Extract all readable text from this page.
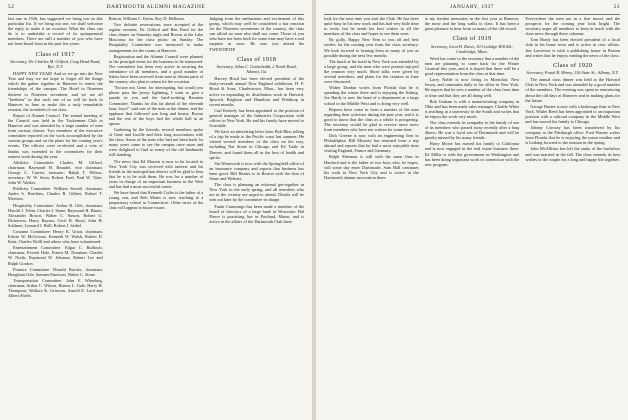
52	DARTMOUTH ALUMNI MAGAZINE

last one in 1926, has suggested we bring out on this particular list. If we bring out one, we shall welcome the reply, to make it an occasion. What the class can do is to undertake a record of its quinquennial members. There are still a number of you who have not been heard from in the past few years.

Class of 1917
Secretary, Dr. Charles M. Gilford, Crag Head Road, Rye, N.Y.

HAPPY NEW YEAR! And so we go into the New Year and may we not hope to forget all the things which the gather together in Hanover to renew the friendships of the campus. The Hotel in Nineteen thirteen to Nineteen seventeen, and we are all "brethren" in that each one of us will be back in Hanover in June to make this a truly remarkable reunion, the twentieth of our class.

Report of Alumni Council. The annual meeting of the Council was held in the Tuckerman Club in Hanover and was attended by a large number of men from various classes. Two members of the executive committee reported on the work accomplished by the various groups and on the plans for the coming year's events. The officers were re-elected and a vote of thanks was extended to the committees for their earnest work during the year.

Athletics Committee: Charles M. Gilford, chairman; Raymond H. Beaudet, vice chairman; George C. Carrier, treasurer; Ralph T. Wilson, secretary; W. W. Stein, Robert Ford, Paul W. Tyler, John W. Walker.

Publicity Committee: William Sewall, chairman; Andre S. Hutchins, Charles B. Gilbert, Robert T. Morison.

Hospitality Committee: Arthur B. Gile, chairman; Harold J. Tobin, Charles I. Stone, Raymond H. Baster, Alexander Brown, Walter C. Simon, Robert G. Dickerson, Harry Raynor, Cecil B. Boyd, John H. Sohlmer, Leonard J. Brill, Robert J. Seibel.

Costume Committee: Henry K. Urion, chairman; Edwin W. McGowan, Kenneth W. Walsh, Robert D. Kent, Charles Wolff and others who have volunteered.

Entertainment Committee: Edgar C. Bulfinch, chairman; Everett Hale, Ernest M. Donahue, Charles W. North, Raymond W. Johnson, Robert Lee and Ralph Gordon.

Finance Committee: Donald Brooks, chairman; Houghton Gile, Sumner Emerson, Walter C. Stone.

Transportation Committee: John F. Wheeling, chairman; Arthur C. Wilson, Burton L. Gale, Harry H. Thompson, Wallace K. Grierson, Arnold E. Lord and Albert Shiels.

Britton, William C. Eaton, Roy D. Halloran.

Two definite reservations were accepted at the regular reunion; Dr. Gilford and Ben Pond for the class dinner on Saturday night and Brown at the Lake Mascoma for the class picnic on Sunday. The Hospitality Committee was instructed to make arrangements for the rooms at Hanover.

Registration and the Alumni Council were planned as the principal items for the business to be transacted. The committee has been very active in securing the attendance of all members, and a good number of letters have been received from men in distant parts of the country who plan to return for the occasion.

"Excuse me, Gene, for interrupting, but would you please pass the jersey lightning, I want to give a parade in you and the hard-working Reunion Committee. Thanks for this far ahead of the eleventh hour, boys!" said one of the men at the dinner, and the applause that followed was long and hearty. Brown and the rest of the boys had the whole hall in an uproar.

Gathering by the fireside, several members spoke of Gene and Lucille and their long associations with the class. Some of the men who had not been back for many years came to see the campus once more and were delighted to find so many of the old landmarks still standing.

The news that Ed Marson is now to be located in New York City was received with interest and his friends in the metropolitan district will be glad to hear that he is to be with them. He was for a number of years in charge of an important business in the West and has had a most successful career.

We have heard that Kenneth Cutler is the father of a young son, and Bob Mains is now teaching at a preparatory school in Connecticut. Other news of the class will appear in future issues.

Judging from the enthusiasm and excitement of this group, which may well be considered a fair reaction for the Nineteen seventeens of the country, the class can afford no man who shall not come. Those of you who have not been back for some time may have a real surprise in store. Be sure you attend the TWENTIETH!

Class of 1918
Secretary, Allan C. Gottschaldt, 2 North Road, Atlanta, Ga.

Harvey Hood has been elected president of the thirty-seventh annual New England exhibition. H. P. Hood & Sons, Charlestown, Mass., has been very active in expanding its distribution work in Harvard, Ipswich, Brighton and Hamilton and Winthrop in recent months.

Carl Ketterly has been appointed to the position of general manager of the Industries Corporation with offices in New York. He and his family have moved to Scarsdale.

We have an interesting letter from Bob Bliss telling of a trip he made to the Pacific coast last summer. He visited several members of the class on the way, including Nat Stone in Chicago and Ed Tuttle in Denver, and found them all in the best of health and spirits.

Stu Wentworth is now with the Springfield office of an insurance company and reports that business has been good. Bill Haines is in Boston with the firm of Stone and Webster.

The class is planning an informal get-together in New York in the early spring, and all members who are in the vicinity are urged to attend. Details will be sent out later by the committee in charge.

Frank Cummings has been made a member of the board of directors of a large bank in Worcester. Hal Pierce is practising law in Portland, Maine, and is active in the affairs of the Dartmouth Club there.

JANUARY, 1937	53

look for the next time you visit the Club. He has been quite busy in his new work and has had very little time to write, but he sends his best wishes to all the members of the class and hopes to see them soon.

By golly, Happy New Year to you all and best wishes for the coming year from the class secretary. We look forward to hearing from as many of you as possible during the next few months.

The lunch at the hotel in New York was attended by a large group, and the men who were present enjoyed the reunion very much. Short talks were given by several members, and plans for the reunion in June were discussed.

Walter Dunbar writes from Florida that he is spending the winter there and is enjoying the fishing. Joe Hardy is now the head of a department at a large school in the Middle West and is doing very well.

Reports have come in from a number of the men regarding their activities during the past year, and it is good to know that the class as a whole is prospering. The secretary would be glad to receive more news from members who have not written for some time.

Dick Greene is now with an engineering firm in Philadelphia. Bill Mooney has returned from a trip abroad and reports that he had a most enjoyable time visiting England, France and Germany.

Ralph Sherman is still with the same firm in Hartford and is the father of two boys who, he hopes, will some day enter Dartmouth. Sam Hall continues his work in New York City and is active in the Dartmouth alumni association there.

to my fondest memories in the first year at Hanover, the snow and the long walks to class. It has been a great pleasure to hear from so many of the old crowd.

Class of 1919
Secretary, Leon H. Davis, 30 Coolidge Hill Rd., Cambridge, Mass.

Word has come to the secretary that a number of the men are planning to come back for the Winter Carnival this year, and it is hoped that there will be a good representation from the class at that time.

Larry Noble is now living in Montclair, New Jersey, and commutes daily to his office in New York. He reports that he sees a number of the class from time to time and that they are all doing well.

Bob Graham is with a manufacturing company in Ohio and has been made sales manager. Charlie White is teaching at a university in the South and writes that he enjoys the work very much.

The class extends its sympathy to the family of one of its members who passed away recently after a long illness. He was a loyal son of Dartmouth and will be greatly missed by his many friends.

Harry Morse has moved his family to California and is now engaged in the real estate business there. Ed Miller is with the government in Washington and has been doing important work in connection with the new program.

Everywhere the men are in a fine mood, and the prospects for the coming year look bright. The secretary urges all members to keep in touch with the class news through these columns.

Tom Brady has been elected president of a local club in his home town and is active in civic affairs. Jim Lawrence is with a publishing house in Boston and writes that he enjoys reading the news of the class.

Class of 1920
Secretary, Frank B. Morey, 136 State St., Albany, N.Y.

The annual class dinner was held at the Harvard Club in New York and was attended by a good number of the members. The evening was spent in reminiscing about the old days at Hanover and in making plans for the future.

George Baxter is now with a brokerage firm in New York. Walter Reed has been appointed to an important position with a railroad company in the Middle West and has moved his family to Chicago.

Johnny Conway has been transferred by his company to the Pittsburgh office. Fred Warner writes from Florida that he is enjoying the warm weather and is looking forward to the reunion in the spring.

John McAllister has left the ranks of the bachelors and was married in the fall. The class extends its best wishes to the couple for a long and happy life together.
